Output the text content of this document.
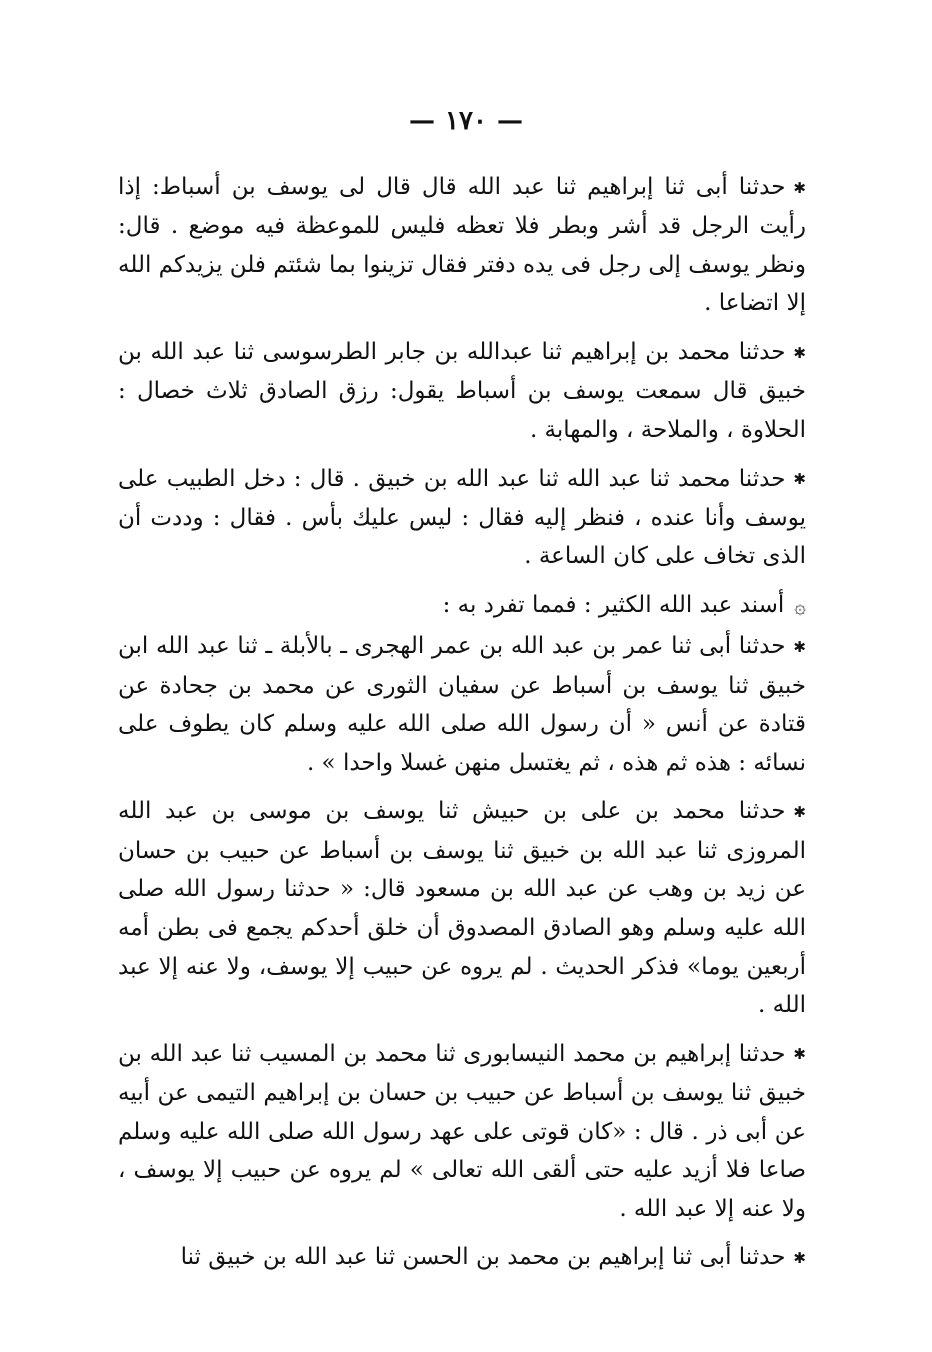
—١٧٠—

✱حدثنا أبى ثنا إبراهيم ثنا عبد الله قال قال لى يوسف بن أسباط: إذا رأيت الرجل قد أشر وبطر فلا تعظه فليس للموعظة فيه موضع . قال: ونظر يوسف إلى رجل فى يده دفتر فقال تزينوا بما شئتم فلن يزيدكم الله إلا اتضاعا .

✱حدثنا محمد بن إبراهيم ثنا عبدالله بن جابر الطرسوسى ثنا عبد الله بن خبيق قال سمعت يوسف بن أسباط يقول: رزق الصادق ثلاث خصال : الحلاوة ، والملاحة ، والمهابة .

✱حدثنا محمد ثنا عبد الله ثنا عبد الله بن خبيق . قال : دخل الطبيب على يوسف وأنا عنده ، فنظر إليه فقال : ليس عليك بأس . فقال : وددت أن الذى تخاف على كان الساعة .

۞أسند عبد الله الكثير : فمما تفرد به :

✱حدثنا أبى ثنا عمر بن عبد الله بن عمر الهجرى ـ بالأبلة ـ ثنا عبد الله ابن خبيق ثنا يوسف بن أسباط عن سفيان الثورى عن محمد بن جحادة عن قتادة عن أنس « أن رسول الله صلى الله عليه وسلم كان يطوف على نسائه : هذه ثم هذه ، ثم يغتسل منهن غسلا واحدا » .

✱حدثنا محمد بن على بن حبيش ثنا يوسف بن موسى بن عبد الله المروزى ثنا عبد الله بن خبيق ثنا يوسف بن أسباط عن حبيب بن حسان عن زيد بن وهب عن عبد الله بن مسعود قال: « حدثنا رسول الله صلى الله عليه وسلم وهو الصادق المصدوق أن خلق أحدكم يجمع فى بطن أمه أربعين يوما» فذكر الحديث . لم يروه عن حبيب إلا يوسف، ولا عنه إلا عبد الله .

✱حدثنا إبراهيم بن محمد النيسابورى ثنا محمد بن المسيب ثنا عبد الله بن خبيق ثنا يوسف بن أسباط عن حبيب بن حسان بن إبراهيم التيمى عن أبيه عن أبى ذر . قال : «كان قوتى على عهد رسول الله صلى الله عليه وسلم صاعا فلا أزيد عليه حتى ألقى الله تعالى » لم يروه عن حبيب إلا يوسف ، ولا عنه إلا عبد الله .

✱حدثنا أبى ثنا إبراهيم بن محمد بن الحسن ثنا عبد الله بن خبيق ثنا
